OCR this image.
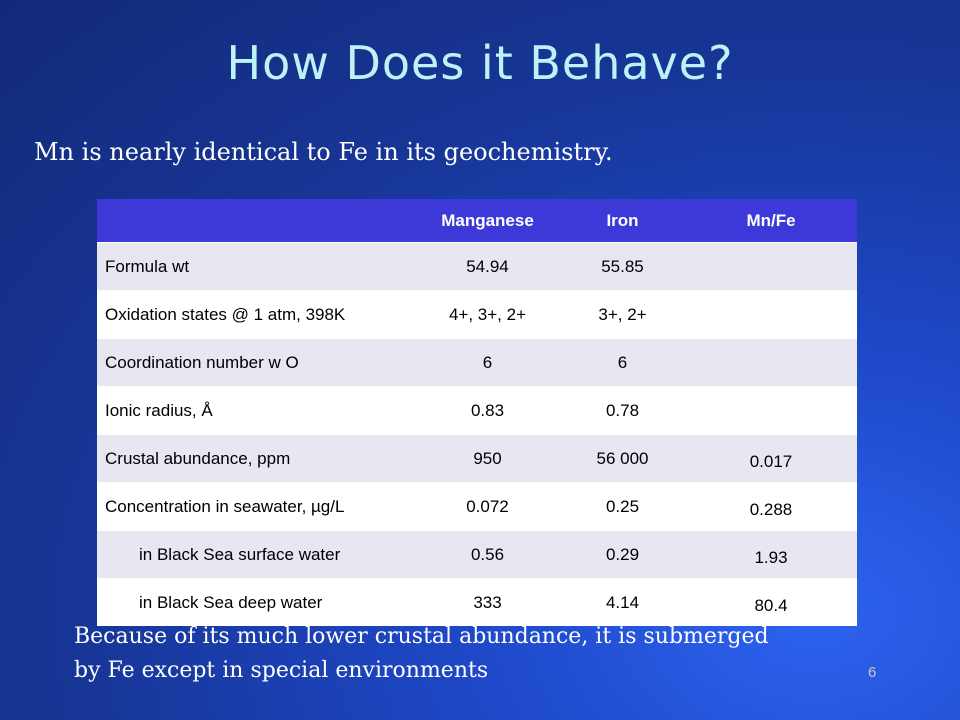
How Does it Behave?
Mn is nearly identical to Fe in its geochemistry.
	Manganese	Iron	Mn/Fe
Formula wt	54.94	55.85	
Oxidation states @ 1 atm, 398K	4+, 3+, 2+	3+, 2+	
Coordination number w O	6	6	
Ionic radius, Å	0.83	0.78	
Crustal abundance, ppm	950	56 000	0.017
Concentration in seawater, µg/L	0.072	0.25	0.288
in Black Sea surface water	0.56	0.29	1.93
in Black Sea deep water	333	4.14	80.4
Because of its much lower crustal abundance, it is submerged by Fe except in special environments	6
